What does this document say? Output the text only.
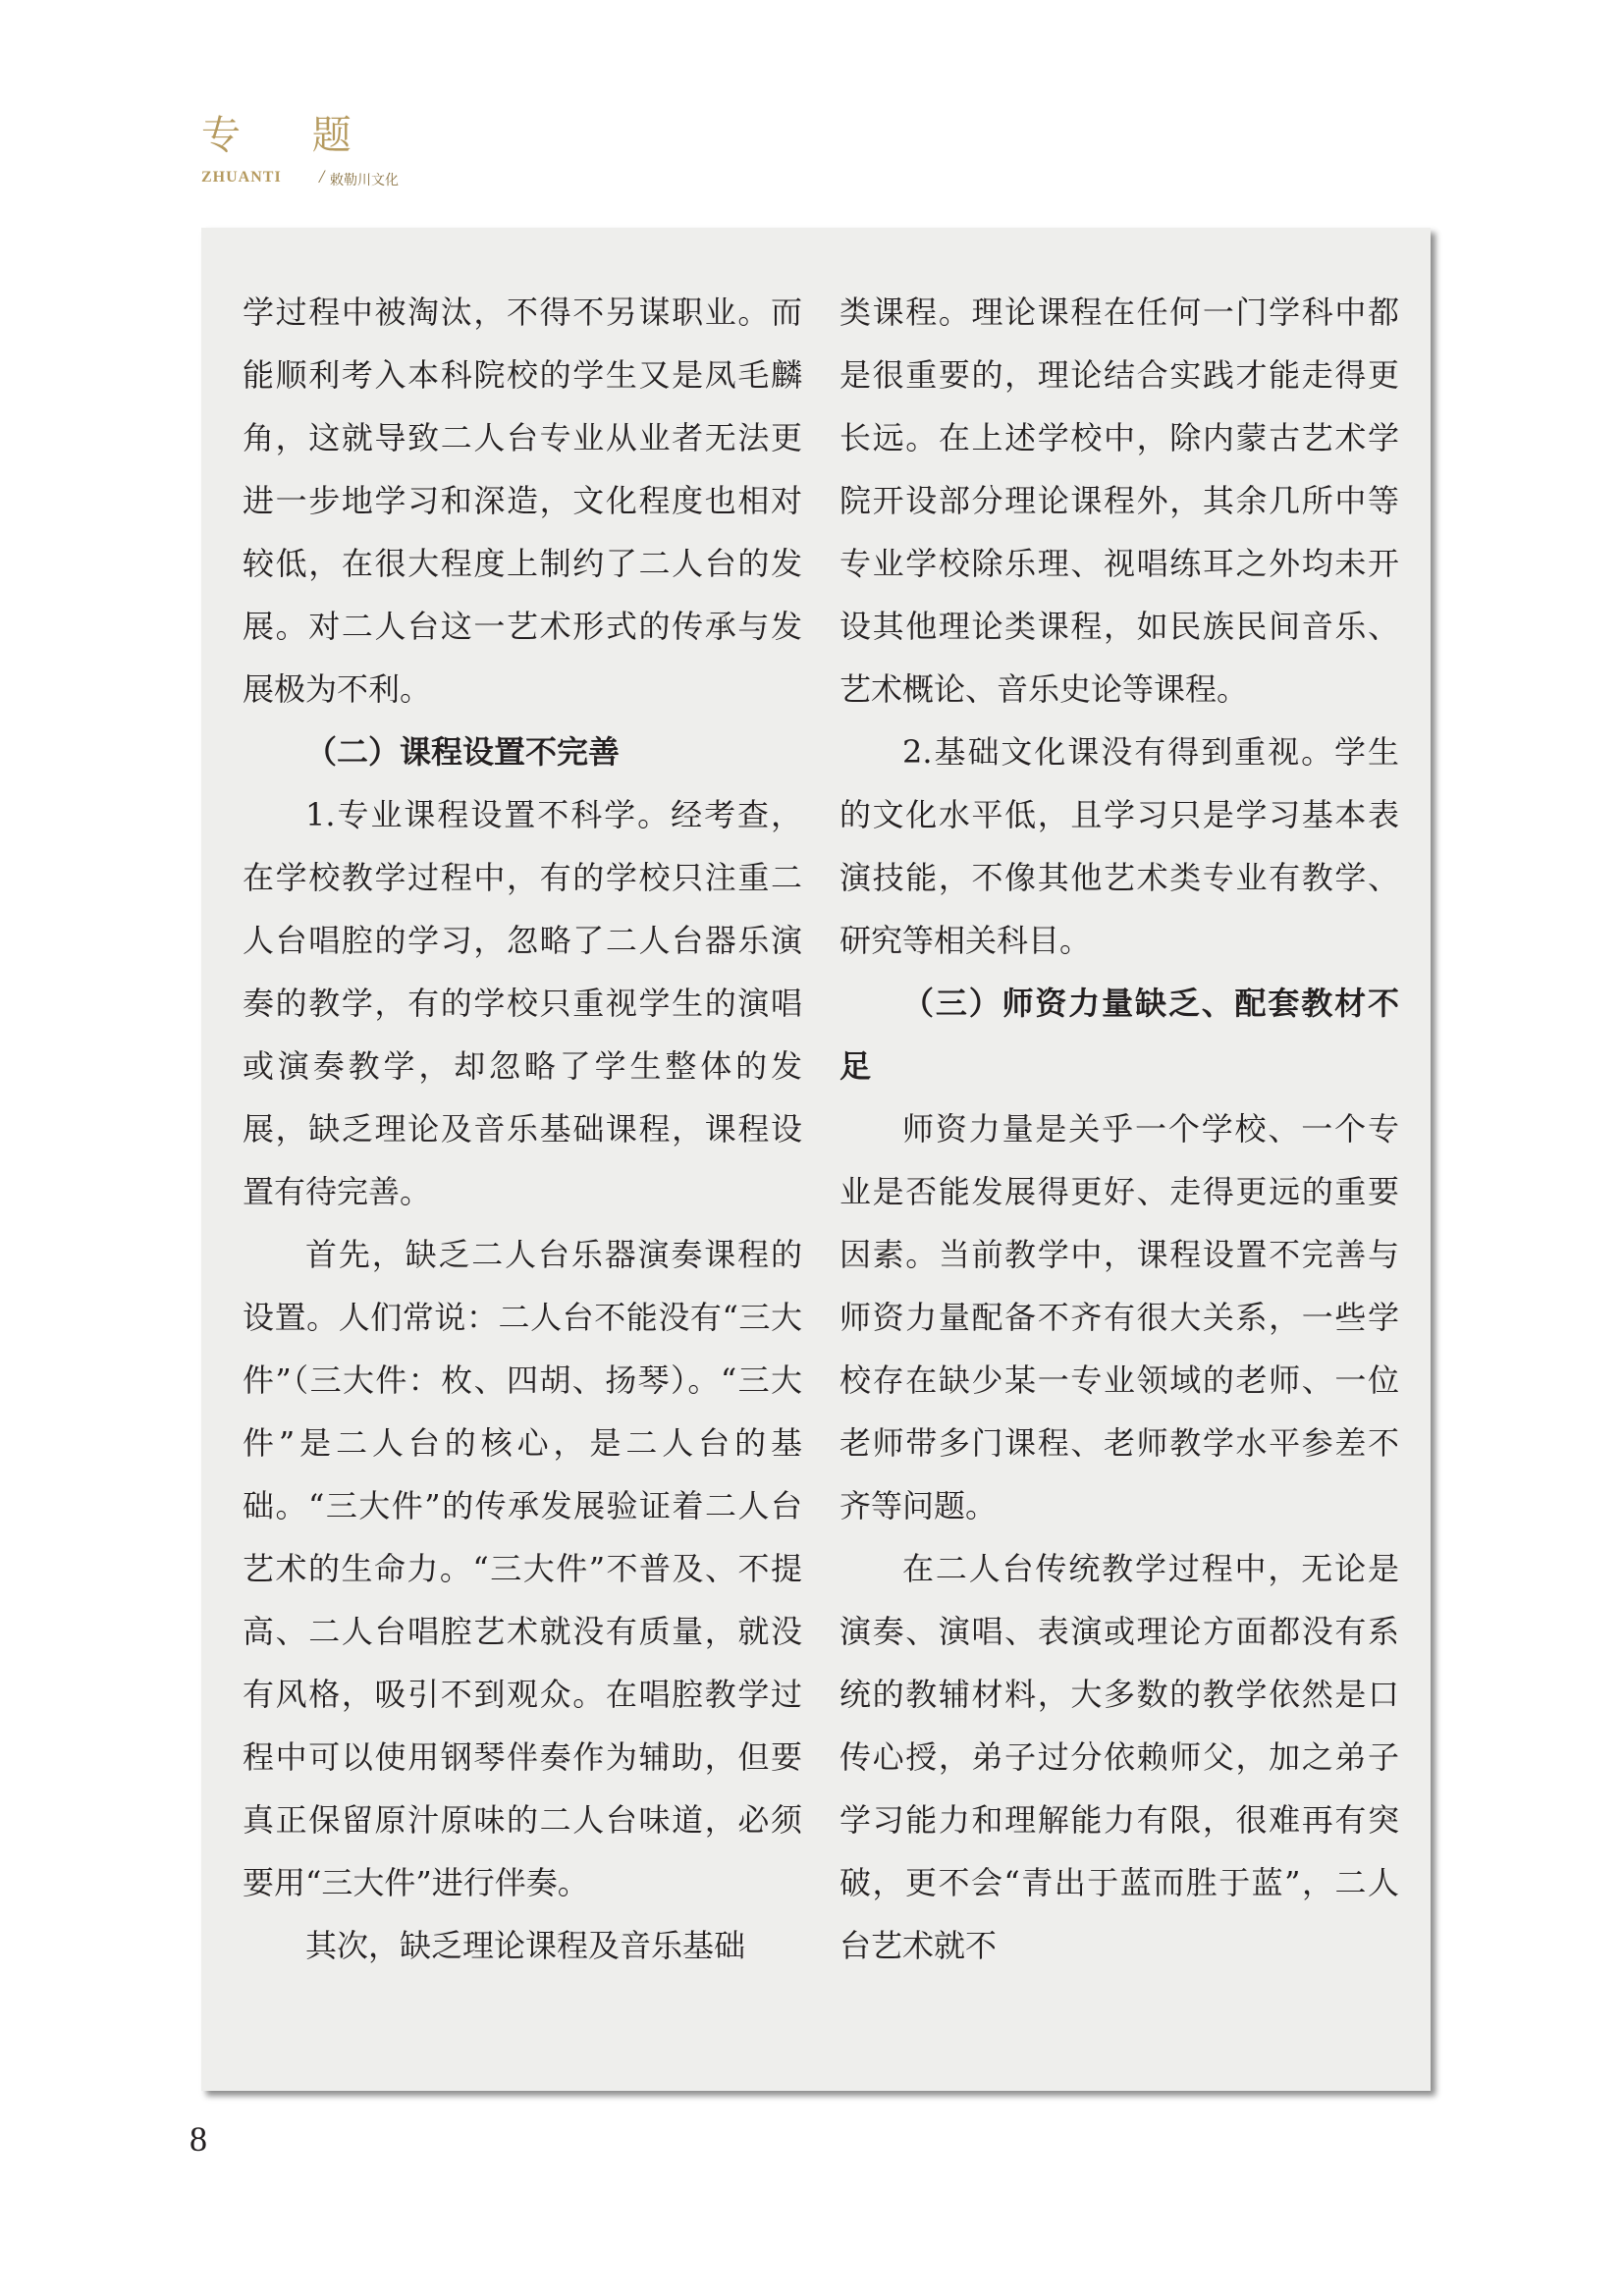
专 题
ZHUANTI / 敕勒川文化

学过程中被淘汰，不得不另谋职业。而能顺利考入本科院校的学生又是凤毛麟角，这就导致二人台专业从业者无法更进一步地学习和深造，文化程度也相对较低，在很大程度上制约了二人台的发展。对二人台这一艺术形式的传承与发展极为不利。

（二）课程设置不完善

1.专业课程设置不科学。经考查，在学校教学过程中，有的学校只注重二人台唱腔的学习，忽略了二人台器乐演奏的教学，有的学校只重视学生的演唱或演奏教学，却忽略了学生整体的发展，缺乏理论及音乐基础课程，课程设置有待完善。

首先，缺乏二人台乐器演奏课程的设置。人们常说：二人台不能没有“三大件”（三大件：枚、四胡、扬琴）。“三大件”是二人台的核心，是二人台的基础。“三大件”的传承发展验证着二人台艺术的生命力。“三大件”不普及、不提高、二人台唱腔艺术就没有质量，就没有风格，吸引不到观众。在唱腔教学过程中可以使用钢琴伴奏作为辅助，但要真正保留原汁原味的二人台味道，必须要用“三大件”进行伴奏。

其次，缺乏理论课程及音乐基础

类课程。理论课程在任何一门学科中都是很重要的，理论结合实践才能走得更长远。在上述学校中，除内蒙古艺术学院开设部分理论课程外，其余几所中等专业学校除乐理、视唱练耳之外均未开设其他理论类课程，如民族民间音乐、艺术概论、音乐史论等课程。

2.基础文化课没有得到重视。学生的文化水平低，且学习只是学习基本表演技能，不像其他艺术类专业有教学、研究等相关科目。

（三）师资力量缺乏、配套教材不足

师资力量是关乎一个学校、一个专业是否能发展得更好、走得更远的重要因素。当前教学中，课程设置不完善与师资力量配备不齐有很大关系，一些学校存在缺少某一专业领域的老师、一位老师带多门课程、老师教学水平参差不齐等问题。

在二人台传统教学过程中，无论是演奏、演唱、表演或理论方面都没有系统的教辅材料，大多数的教学依然是口传心授，弟子过分依赖师父，加之弟子学习能力和理解能力有限，很难再有突破，更不会“青出于蓝而胜于蓝”，二人台艺术就不

8
